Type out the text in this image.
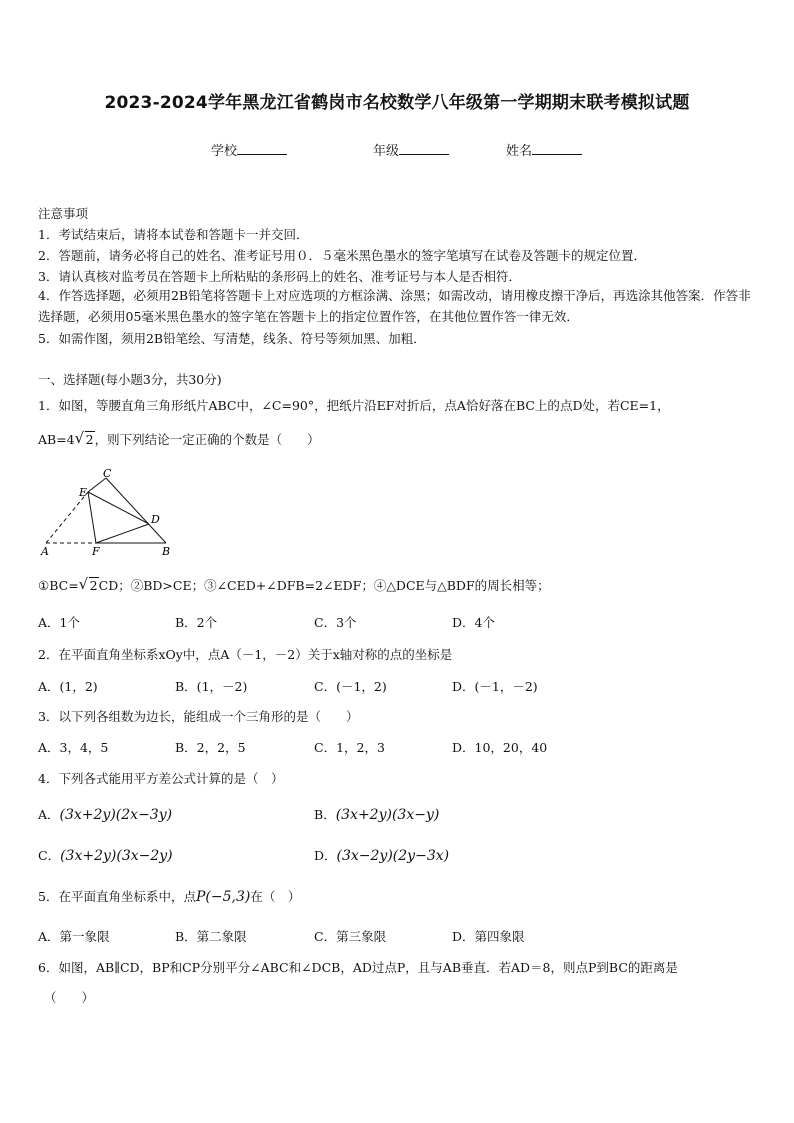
2023-2024学年黑龙江省鹤岗市名校数学八年级第一学期期末联考模拟试题
学校	年级	姓名
注意事项
1．考试结束后，请将本试卷和答题卡一并交回．
2．答题前，请务必将自己的姓名、准考证号用０．５毫米黑色墨水的签字笔填写在试卷及答题卡的规定位置．
3．请认真核对监考员在答题卡上所粘贴的条形码上的姓名、准考证号与本人是否相符．
4．作答选择题，必须用2B铅笔将答题卡上对应选项的方框涂满、涂黑；如需改动，请用橡皮擦干净后，再选涂其他答案．作答非选择题，必须用05毫米黑色墨水的签字笔在答题卡上的指定位置作答，在其他位置作答一律无效．
5．如需作图，须用2B铅笔绘、写清楚，线条、符号等须加黑、加粗．
一、选择题(每小题3分，共30分)
1．如图，等腰直角三角形纸片ABC中，∠C=90°，把纸片沿EF对折后，点A恰好落在BC上的点D处，若CE=1，
AB=4 √ 2，则下列结论一定正确的个数是（　　）
C
E
D
A	F	B
①BC= √ 2CD；②BD>CE；③∠CED+∠DFB=2∠EDF；④△DCE与△BDF的周长相等；
A．1个	B．2个	C．3个	D．4个
2．在平面直角坐标系xOy中，点A（－1，－2）关于x轴对称的点的坐标是
A．(1，2)	B．(1，－2)	C．(－1，2)	D．(－1，－2)
3．以下列各组数为边长，能组成一个三角形的是（　　）
A．3，4，5	B．2，2，5	C．1，2，3	D．10，20，40
4．下列各式能用平方差公式计算的是（　）
A．(3x+2y)(2x−3y)	B．(3x+2y)(3x−y)
C．(3x+2y)(3x−2y)	D．(3x−2y)(2y−3x)
5．在平面直角坐标系中，点P(−5,3)在（　）
A．第一象限	B．第二象限	C．第三象限	D．第四象限
6．如图，AB∥CD，BP和CP分别平分∠ABC和∠DCB，AD过点P，且与AB垂直．若AD＝8，则点P到BC的距离是
（　　）
